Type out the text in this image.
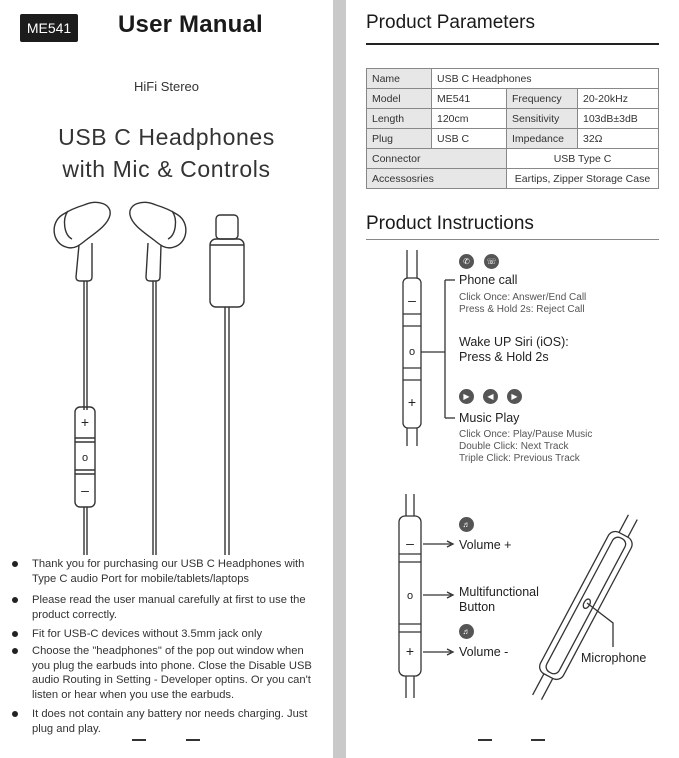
ME541 User Manual
HiFi Stereo
USB C Headphones
with Mic & Controls
+
o
–
Thank you for purchasing our USB C Headphones with Type C audio Port for mobile/tablets/laptops
Please read the user manual carefully at first to use the product correctly.
Fit for USB-C devices without 3.5mm jack only
Choose the "headphones" of the pop out window when you plug the earbuds into phone. Close the Disable USB audio Routing in Setting - Developer optins. Or you can't listen or hear when you use the earbuds.
It does not contain any battery nor needs charging. Just plug and play.
Product Parameters
Name	USB C Headphones		
Model	ME541	Frequency	20-20kHz
Length	120cm	Sensitivity	103dB±3dB
Plug	USB C	Impedance	32Ω
Connector		USB Type C	
Accessosries		Eartips, Zipper Storage Case	
Product Instructions
–
o
+
✆	☏
Phone call
Click Once: Answer/End Call
Press & Hold 2s: Reject Call
Wake UP Siri (iOS):
Press & Hold 2s
▶	◀	▶
Music Play
Click Once: Play/Pause Music
Double Click: Next Track
Triple Click: Previous Track
–
o
+
♬
Volume +
Multifunctional
Button
♬
Volume -	Microphone
